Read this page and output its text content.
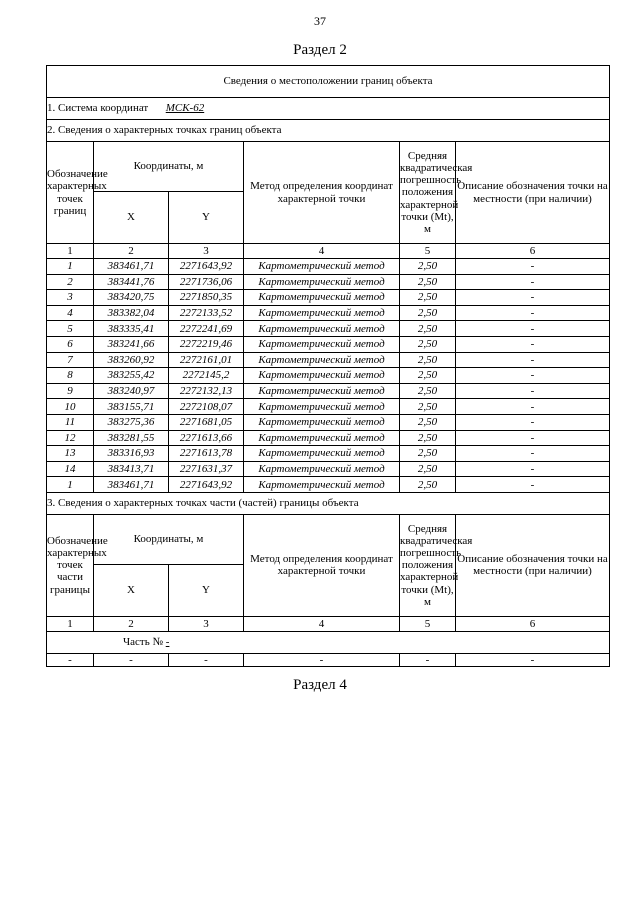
37
Раздел 2
Сведения о местоположении границ объекта					
1. Система координат МСК-62					
2. Сведения о характерных точках границ объекта					
Обозначение характерных точек границ	Координаты, м		Метод определения координат характерной точки	Средняя квадратическая погрешность положения характерной точки (Mt), м	Описание обозначения точки на местности (при наличии)
	X	Y			
1	2	3	4	5	6
1	383461,71	2271643,92	Картометрический метод	2,50	-
2	383441,76	2271736,06	Картометрический метод	2,50	-
3	383420,75	2271850,35	Картометрический метод	2,50	-
4	383382,04	2272133,52	Картометрический метод	2,50	-
5	383335,41	2272241,69	Картометрический метод	2,50	-
6	383241,66	2272219,46	Картометрический метод	2,50	-
7	383260,92	2272161,01	Картометрический метод	2,50	-
8	383255,42	2272145,2	Картометрический метод	2,50	-
9	383240,97	2272132,13	Картометрический метод	2,50	-
10	383155,71	2272108,07	Картометрический метод	2,50	-
11	383275,36	2271681,05	Картометрический метод	2,50	-
12	383281,55	2271613,66	Картометрический метод	2,50	-
13	383316,93	2271613,78	Картометрический метод	2,50	-
14	383413,71	2271631,37	Картометрический метод	2,50	-
1	383461,71	2271643,92	Картометрический метод	2,50	-
3. Сведения о характерных точках части (частей) границы объекта					
Обозначение характерных точек части границы	Координаты, м		Метод определения координат характерной точки	Средняя квадратическая погрешность положения характерной точки (Mt), м	Описание обозначения точки на местности (при наличии)
	X	Y			
1	2	3	4	5	6
Часть № -					
-	-	-	-	-	-
Раздел 4
